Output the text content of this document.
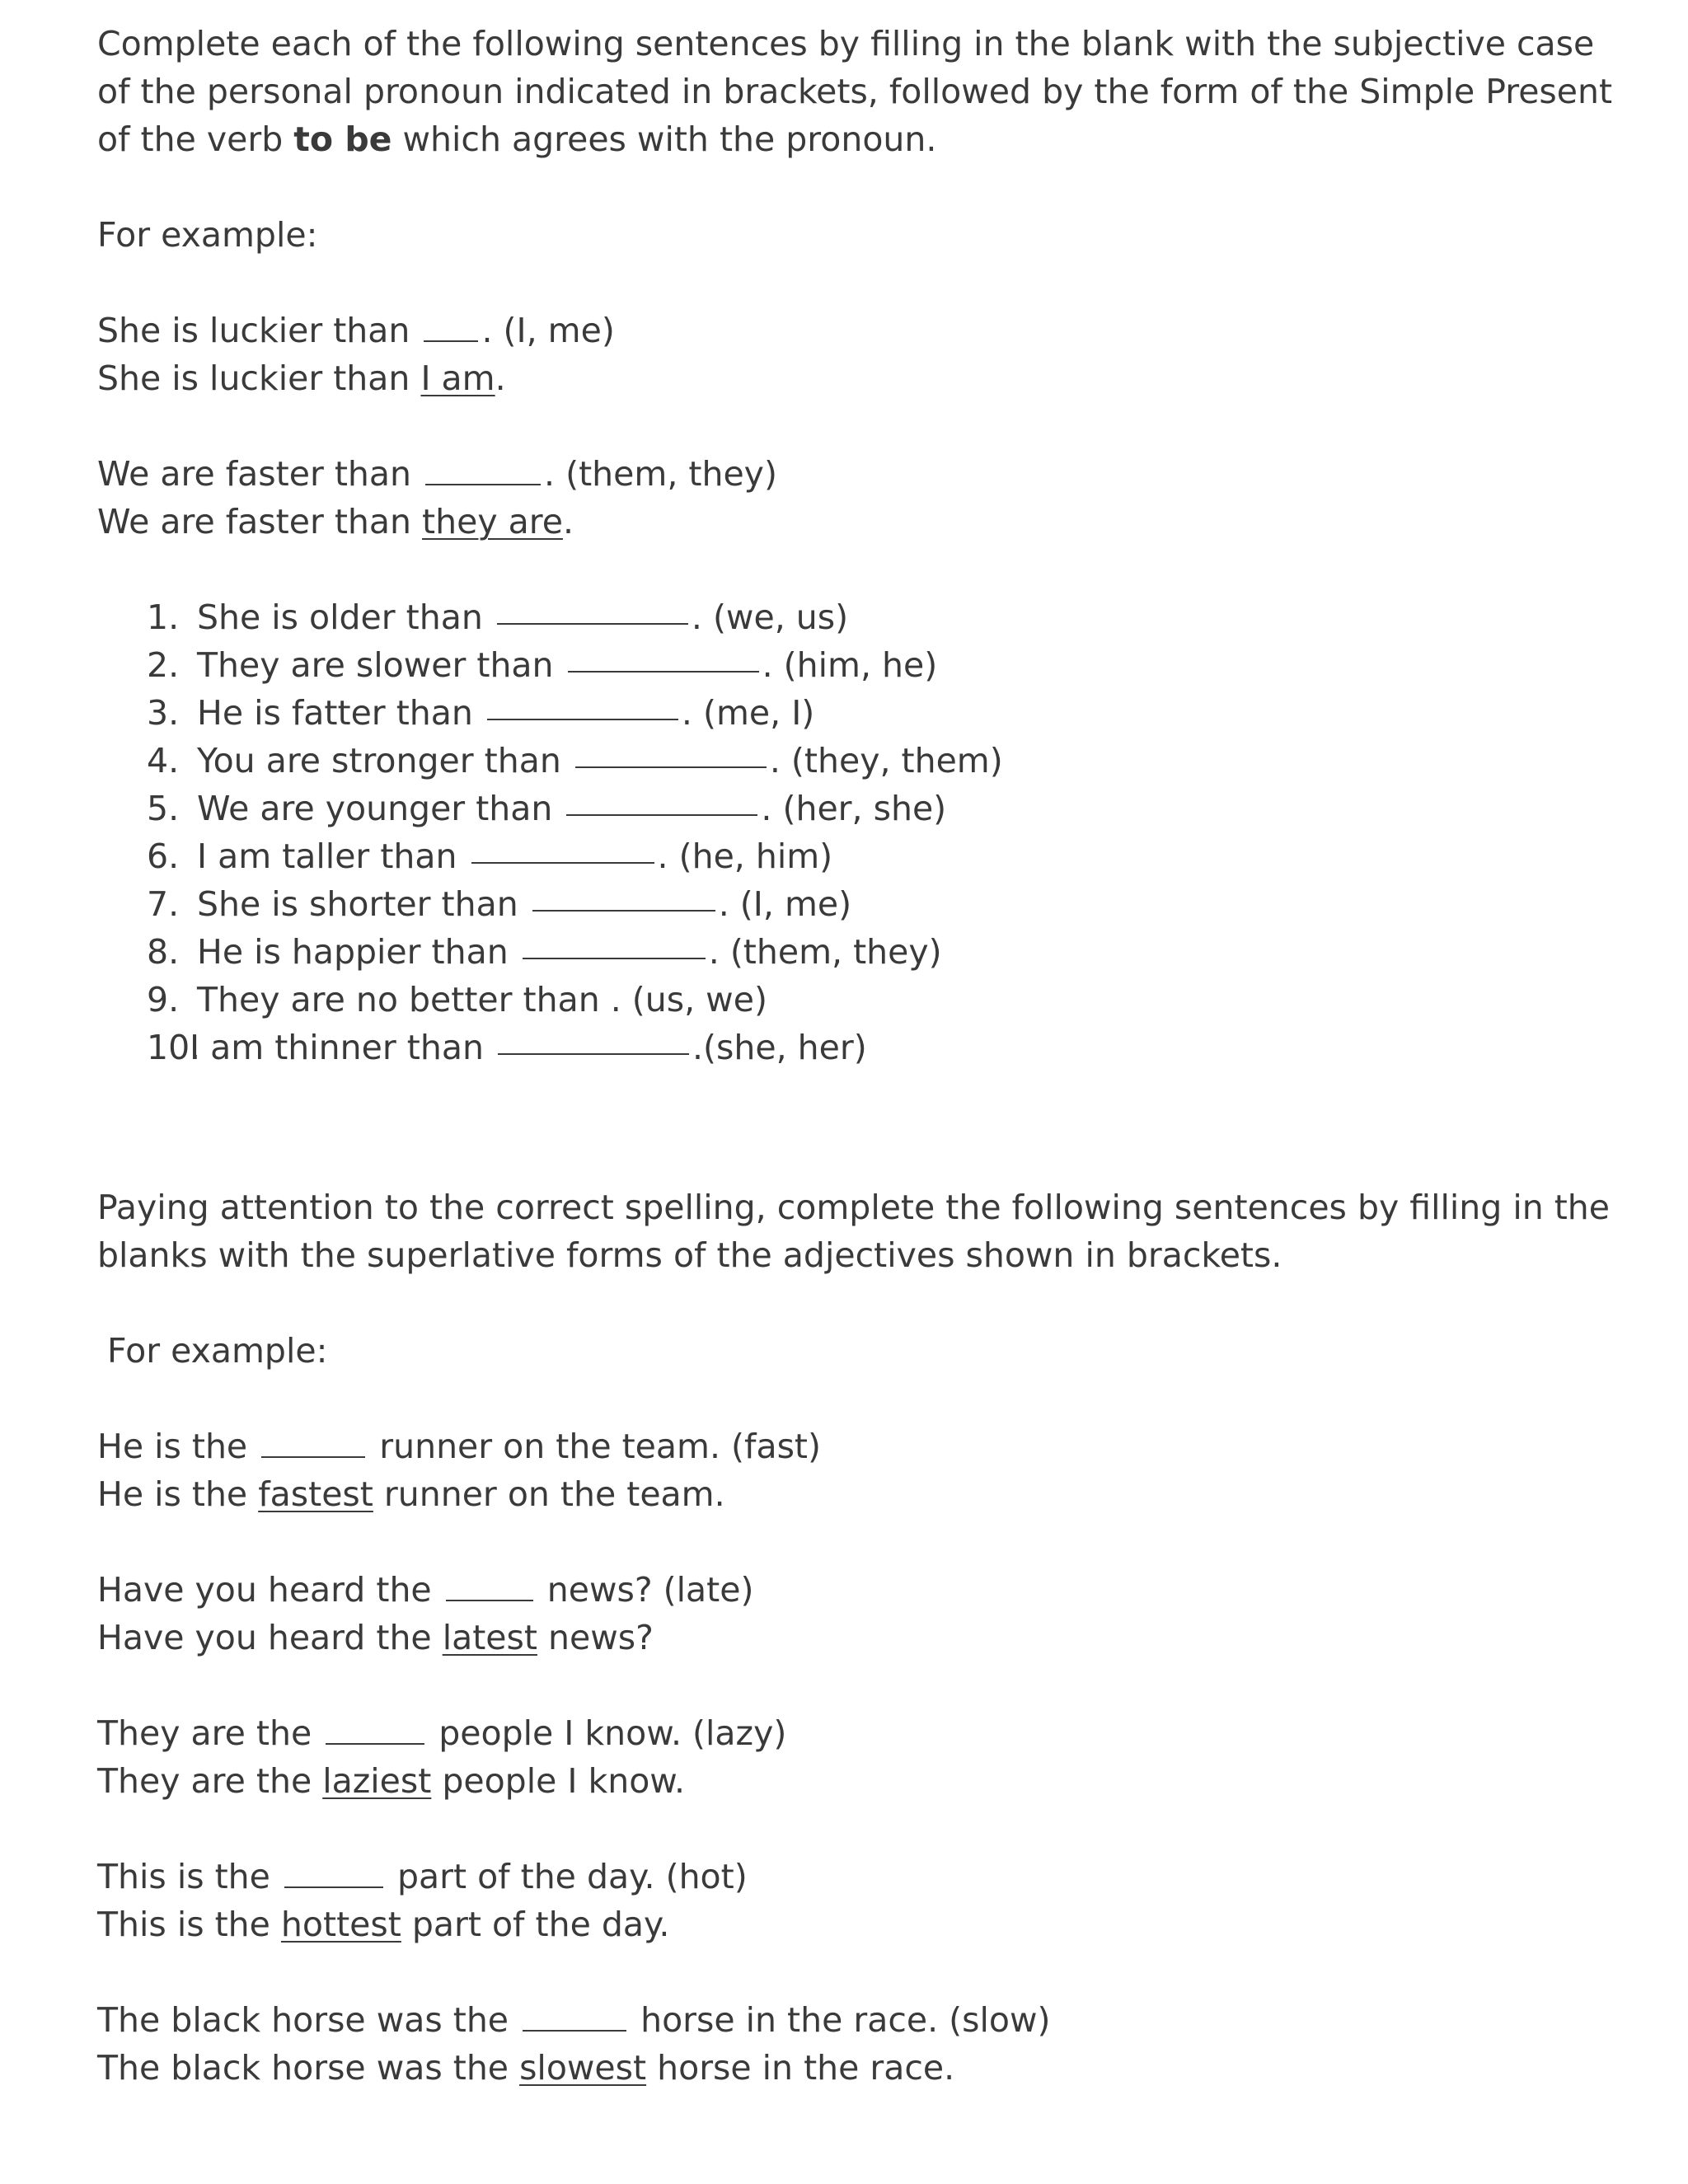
Complete each of the following sentences by filling in the blank with the subjective case of the personal pronoun indicated in brackets, followed by the form of the Simple Present of the verb to be which agrees with the pronoun.
For example:
She is luckier than . (I, me)
She is luckier than I am.
We are faster than	. (them, they)
We are faster than they are.
1. She is older than	. (we, us)
2. They are slower than	. (him, he)
3. He is fatter than	. (me, I)
4. You are stronger than	. (they, them)
5. We are younger than	. (her, she)
6. I am taller than	. (he, him)
7. She is shorter than	. (I, me)
8. He is happier than	. (them, they)
9. They are no better than . (us, we)
10.
I am thinner than	.(she, her)
Paying attention to the correct spelling, complete the following sentences by filling in the blanks with the superlative forms of the adjectives shown in brackets.
For example:
He is the	runner on the team. (fast)
He is the fastest runner on the team.
Have you heard the	news? (late)
Have you heard the latest news?
They are the	people I know. (lazy)
They are the laziest people I know.
This is the	part of the day. (hot)
This is the hottest part of the day.
The black horse was the	horse in the race. (slow)
The black horse was the slowest horse in the race.
